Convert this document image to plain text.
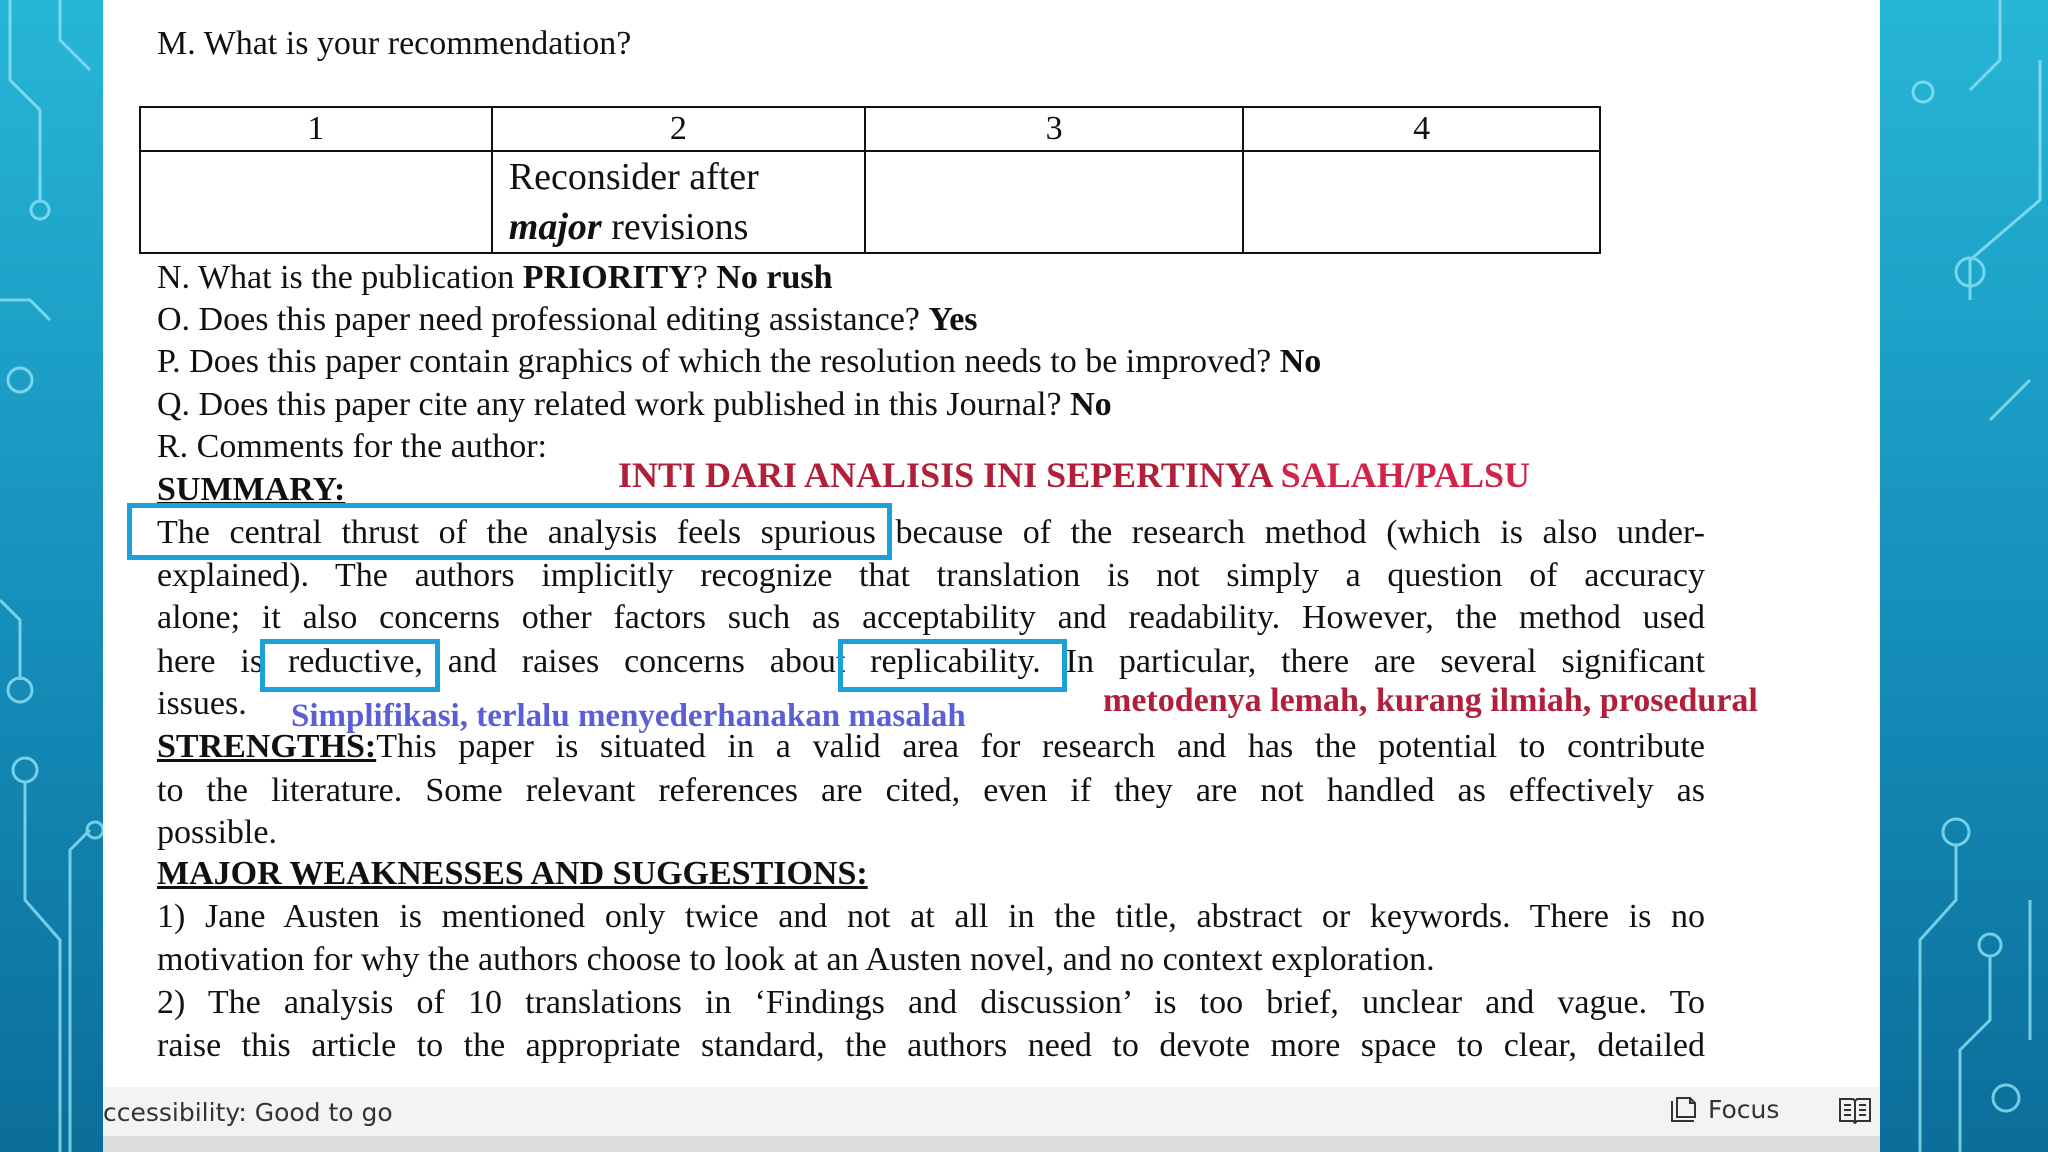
M. What is your recommendation?
1	2	3	4
	Reconsider after
major revisions		
N. What is the publication PRIORITY? No rush
O. Does this paper need professional editing assistance? Yes
P. Does this paper contain graphics of which the resolution needs to be improved? No
Q. Does this paper cite any related work published in this Journal? No
R. Comments for the author:
INTI DARI ANALISIS INI SEPERTINYA SALAH/PALSU
SUMMARY:
The central thrust of the analysis feels spurious because of the research method (which is also under-
explained). The authors implicitly recognize that translation is not simply a question of accuracy
alone; it also concerns other factors such as acceptability and readability. However, the method used
here is reductive, and raises concerns about replicability. In particular, there are several significant
issues. Simplifikasi, terlalu menyederhanakan masalah	metodenya lemah, kurang ilmiah, prosedural
STRENGTHS:This paper is situated in a valid area for research and has the potential to contribute
to the literature. Some relevant references are cited, even if they are not handled as effectively as
possible.
MAJOR WEAKNESSES AND SUGGESTIONS:
1) Jane Austen is mentioned only twice and not at all in the title, abstract or keywords. There is no
motivation for why the authors choose to look at an Austen novel, and no context exploration.
2) The analysis of 10 translations in ‘Findings and discussion’ is too brief, unclear and vague. To
raise this article to the appropriate standard, the authors need to devote more space to clear, detailed
ccessibility: Good to go	Focus
